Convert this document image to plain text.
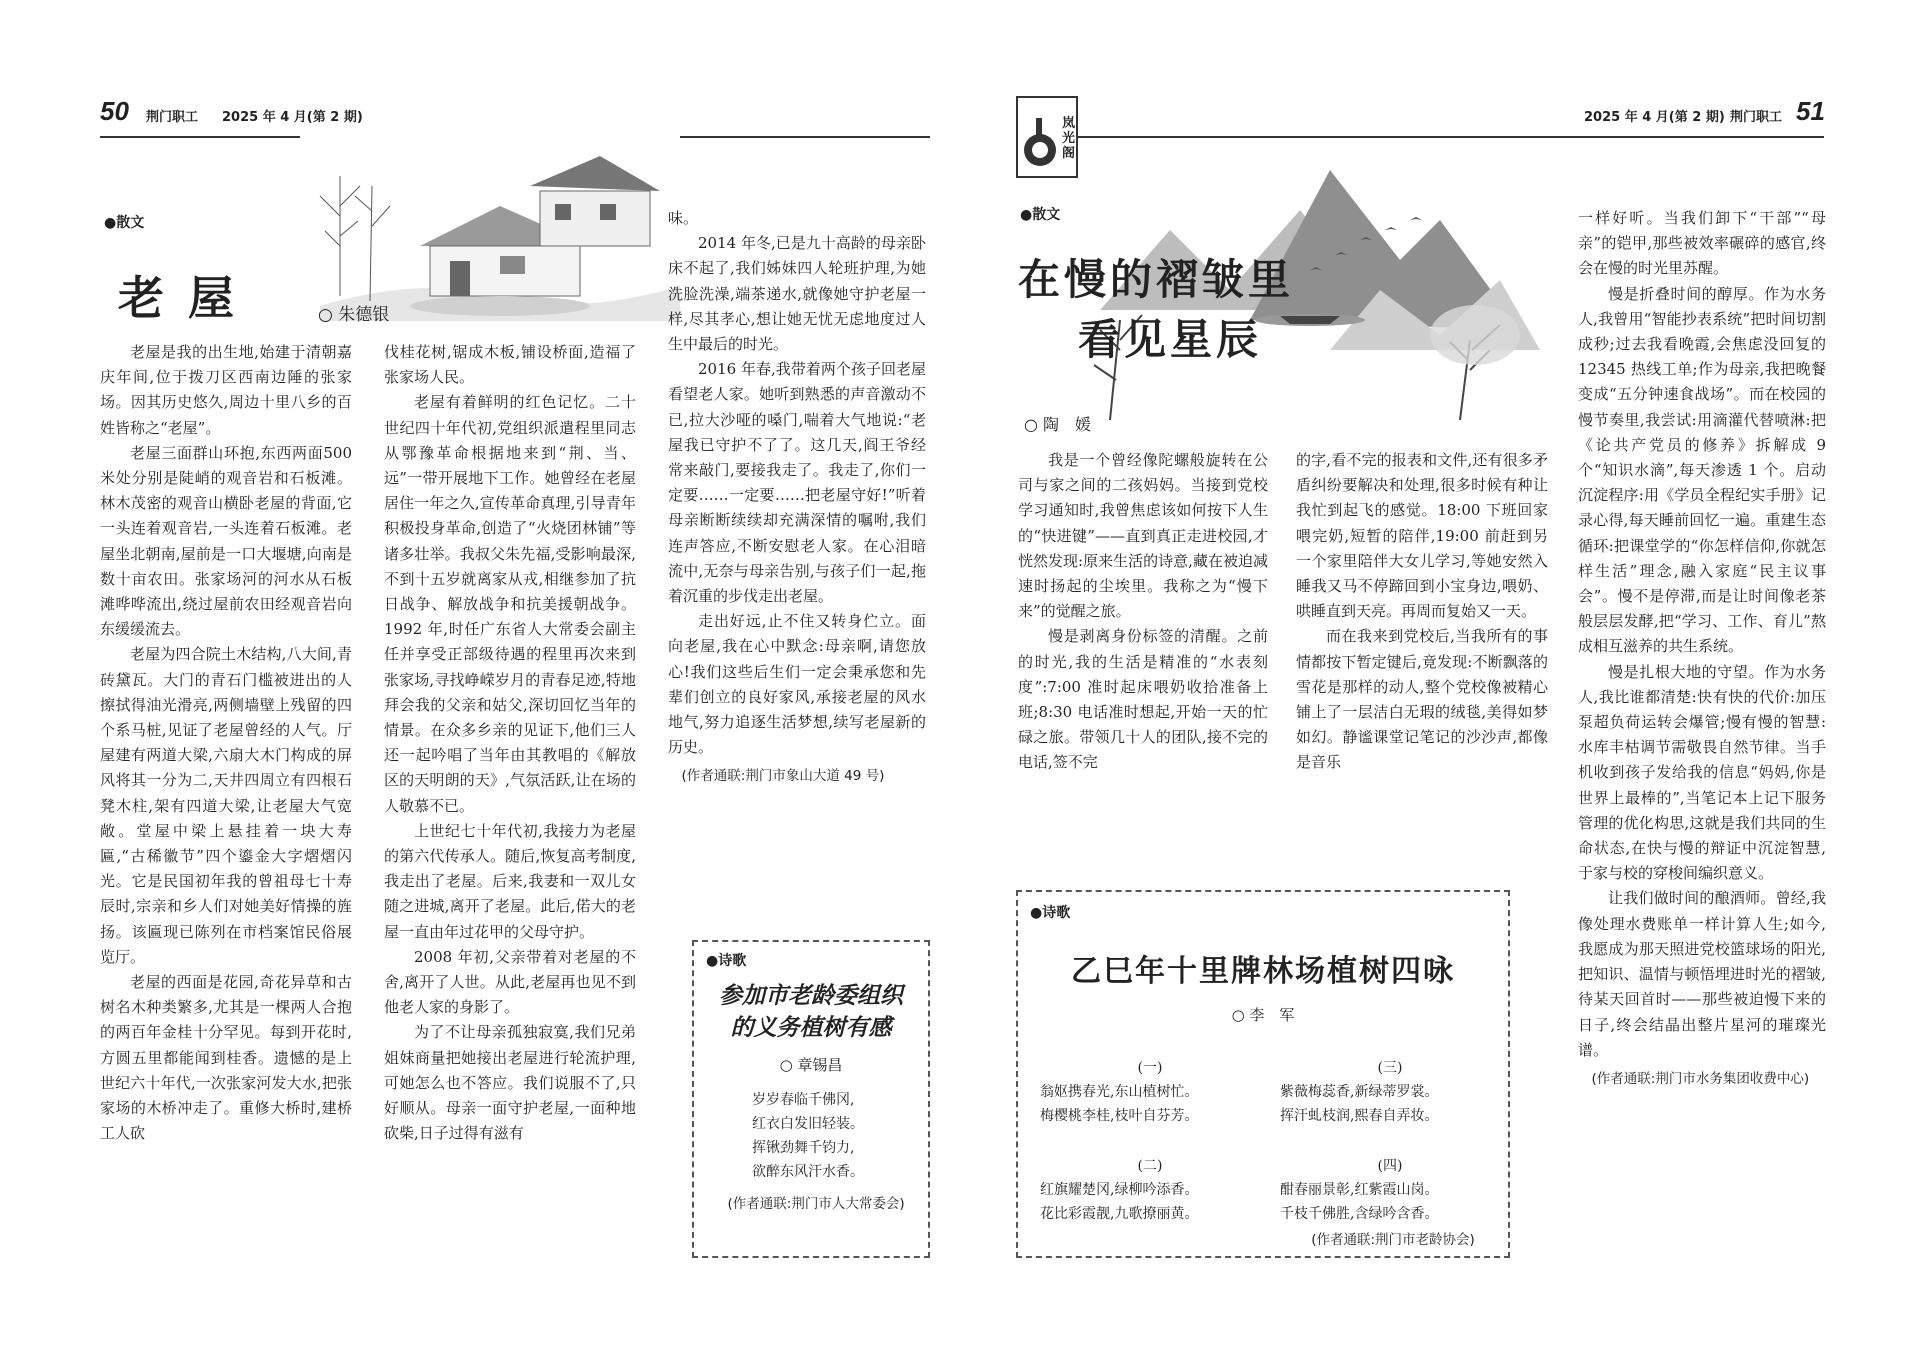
50 荆门职工 2025 年 4 月(第 2 期)
●散文
老 屋	○ 朱德银

老屋是我的出生地,始建于清朝嘉庆年间,位于拨刀区西南边陲的张家场。因其历史悠久,周边十里八乡的百姓皆称之“老屋”。

老屋三面群山环抱,东西两面500米处分别是陡峭的观音岩和石板滩。林木茂密的观音山横卧老屋的背面,它一头连着观音岩,一头连着石板滩。老屋坐北朝南,屋前是一口大堰塘,向南是数十亩农田。张家场河的河水从石板滩哗哗流出,绕过屋前农田经观音岩向东缓缓流去。

老屋为四合院土木结构,八大间,青砖黛瓦。大门的青石门槛被进出的人擦拭得油光滑亮,两侧墙壁上残留的四个系马桩,见证了老屋曾经的人气。厅屋建有两道大梁,六扇大木门构成的屏风将其一分为二,天井四周立有四根石凳木柱,架有四道大梁,让老屋大气宽敞。堂屋中梁上悬挂着一块大寿匾,“古稀徽节”四个鎏金大字熠熠闪光。它是民国初年我的曾祖母七十寿辰时,宗亲和乡人们对她美好情操的旌扬。该匾现已陈列在市档案馆民俗展览厅。

老屋的西面是花园,奇花异草和古树名木种类繁多,尤其是一棵两人合抱的两百年金桂十分罕见。每到开花时,方圆五里都能闻到桂香。遗憾的是上世纪六十年代,一次张家河发大水,把张家场的木桥冲走了。重修大桥时,建桥工人砍

伐桂花树,锯成木板,铺设桥面,造福了张家场人民。

老屋有着鲜明的红色记忆。二十世纪四十年代初,党组织派遣程里同志从鄂豫革命根据地来到“荆、当、远”一带开展地下工作。她曾经在老屋居住一年之久,宣传革命真理,引导青年积极投身革命,创造了“火烧团林铺”等诸多壮举。我叔父朱先福,受影响最深,不到十五岁就离家从戎,相继参加了抗日战争、解放战争和抗美援朝战争。1992 年,时任广东省人大常委会副主任并享受正部级待遇的程里再次来到张家场,寻找峥嵘岁月的青春足迹,特地拜会我的父亲和姑父,深切回忆当年的情景。在众多乡亲的见证下,他们三人还一起吟唱了当年由其教唱的《解放区的天明朗的天》,气氛活跃,让在场的人敬慕不已。

上世纪七十年代初,我接力为老屋的第六代传承人。随后,恢复高考制度,我走出了老屋。后来,我妻和一双儿女随之进城,离开了老屋。此后,偌大的老屋一直由年过花甲的父母守护。

2008 年初,父亲带着对老屋的不舍,离开了人世。从此,老屋再也见不到他老人家的身影了。

为了不让母亲孤独寂寞,我们兄弟姐妹商量把她接出老屋进行轮流护理,可她怎么也不答应。我们说服不了,只好顺从。母亲一面守护老屋,一面种地砍柴,日子过得有滋有

味。

2014 年冬,已是九十高龄的母亲卧床不起了,我们姊妹四人轮班护理,为她洗脸洗澡,端茶递水,就像她守护老屋一样,尽其孝心,想让她无忧无虑地度过人生中最后的时光。

2016 年春,我带着两个孩子回老屋看望老人家。她听到熟悉的声音激动不已,拉大沙哑的嗓门,喘着大气地说:“老屋我已守护不了了。这几天,阎王爷经常来敲门,要接我走了。我走了,你们一定要……一定要……把老屋守好!”听着母亲断断续续却充满深情的嘱咐,我们连声答应,不断安慰老人家。在心泪暗流中,无奈与母亲告别,与孩子们一起,拖着沉重的步伐走出老屋。

走出好远,止不住又转身伫立。面向老屋,我在心中默念:母亲啊,请您放心!我们这些后生们一定会秉承您和先辈们创立的良好家风,承接老屋的风水地气,努力追逐生活梦想,续写老屋新的历史。

(作者通联:荆门市象山大道 49 号)
●诗歌
参加市老龄委组织
的义务植树有感
○ 章锡昌
岁岁春临千佛冈,
红衣白发旧轻装。
挥锹劲舞千钧力,
欲醉东风汗水香。
(作者通联:荆门市人大常委会)
岚光阁
2025 年 4 月(第 2 期) 荆门职工 51
●散文
在慢的褶皱里
看见星辰
○ 陶　媛

我是一个曾经像陀螺般旋转在公司与家之间的二孩妈妈。当接到党校学习通知时,我曾焦虑该如何按下人生的“快进键”——直到真正走进校园,才恍然发现:原来生活的诗意,藏在被迫减速时扬起的尘埃里。我称之为“慢下来”的觉醒之旅。

慢是剥离身份标签的清醒。之前的时光,我的生活是精准的“水表刻度”:7:00 准时起床喂奶收拾准备上班;8:30 电话准时想起,开始一天的忙碌之旅。带领几十人的团队,接不完的电话,签不完

的字,看不完的报表和文件,还有很多矛盾纠纷要解决和处理,很多时候有种让我忙到起飞的感觉。18:00 下班回家喂完奶,短暂的陪伴,19:00 前赶到另一个家里陪伴大女儿学习,等她安然入睡我又马不停蹄回到小宝身边,喂奶、哄睡直到天亮。再周而复始又一天。

而在我来到党校后,当我所有的事情都按下暂定键后,竟发现:不断飘落的雪花是那样的动人,整个党校像被精心铺上了一层洁白无瑕的绒毯,美得如梦如幻。静谧课堂记笔记的沙沙声,都像是音乐

一样好听。当我们卸下“干部”“母亲”的铠甲,那些被效率碾碎的感官,终会在慢的时光里苏醒。

慢是折叠时间的醇厚。作为水务人,我曾用“智能抄表系统”把时间切割成秒;过去我看晚霞,会焦虑没回复的 12345 热线工单;作为母亲,我把晚餐变成“五分钟速食战场”。而在校园的慢节奏里,我尝试:用滴灌代替喷淋:把《论共产党员的修养》拆解成 9 个“知识水滴”,每天渗透 1 个。启动沉淀程序:用《学员全程纪实手册》记录心得,每天睡前回忆一遍。重建生态循环:把课堂学的“你怎样信仰,你就怎样生活”理念,融入家庭“民主议事会”。慢不是停滞,而是让时间像老茶般层层发酵,把“学习、工作、育儿”熬成相互滋养的共生系统。

慢是扎根大地的守望。作为水务人,我比谁都清楚:快有快的代价:加压泵超负荷运转会爆管;慢有慢的智慧:水库丰枯调节需敬畏自然节律。当手机收到孩子发给我的信息“妈妈,你是世界上最棒的”,当笔记本上记下服务管理的优化构思,这就是我们共同的生命状态,在快与慢的辩证中沉淀智慧,于家与校的穿梭间编织意义。

让我们做时间的酿酒师。曾经,我像处理水费账单一样计算人生;如今,我愿成为那天照进党校篮球场的阳光,把知识、温情与顿悟埋进时光的褶皱,待某天回首时——那些被迫慢下来的日子,终会结晶出整片星河的璀璨光谱。

(作者通联:荆门市水务集团收费中心)
●诗歌
乙巳年十里牌林场植树四咏
○ 李　军
(一)
翁妪携春光,东山植树忙。
梅樱桃李桂,枝叶自芬芳。
(二)
红旗耀楚冈,绿柳吟添香。
花比彩霞靓,九歌撩丽黄。
(三)
紫薇梅蕊香,新绿蒂罗裳。
挥汗虬枝润,熙春自弄妆。
(四)
酣春丽景彰,红紫霞山岗。
千枝千佛胜,含绿吟含香。
(作者通联:荆门市老龄协会)
